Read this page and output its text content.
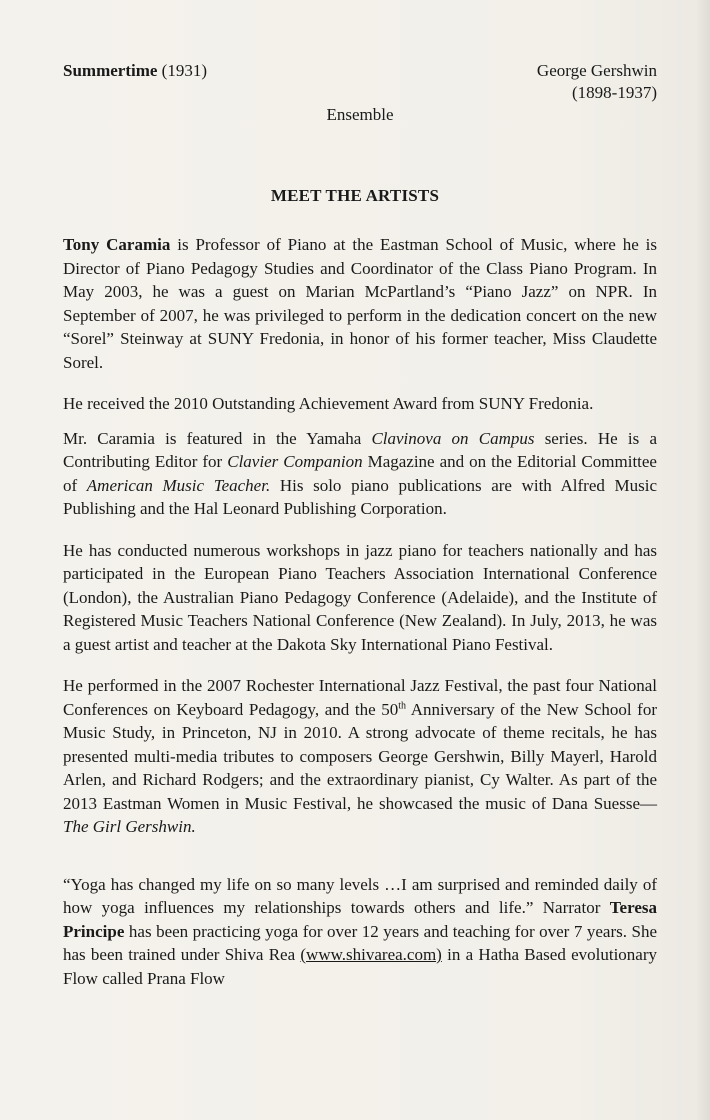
Summertime (1931)	George Gershwin
(1898-1937)
Ensemble
MEET THE ARTISTS

Tony Caramia is Professor of Piano at the Eastman School of Music, where he is Director of Piano Pedagogy Studies and Coordinator of the Class Piano Program. In May 2003, he was a guest on Marian McPartland’s “Piano Jazz” on NPR. In September of 2007, he was privileged to perform in the dedication concert on the new “Sorel” Steinway at SUNY Fredonia, in honor of his former teacher, Miss Claudette Sorel.

He received the 2010 Outstanding Achievement Award from SUNY Fredonia.

Mr. Caramia is featured in the Yamaha Clavinova on Campus series. He is a Contributing Editor for Clavier Companion Magazine and on the Editorial Committee of American Music Teacher. His solo piano publications are with Alfred Music Publishing and the Hal Leonard Publishing Corporation.

He has conducted numerous workshops in jazz piano for teachers nationally and has participated in the European Piano Teachers Association International Conference (London), the Australian Piano Pedagogy Conference (Adelaide), and the Institute of Registered Music Teachers National Conference (New Zealand). In July, 2013, he was a guest artist and teacher at the Dakota Sky International Piano Festival.

He performed in the 2007 Rochester International Jazz Festival, the past four National Conferences on Keyboard Pedagogy, and the 50th Anniversary of the New School for Music Study, in Princeton, NJ in 2010. A strong advocate of theme recitals, he has presented multi-media tributes to composers George Gershwin, Billy Mayerl, Harold Arlen, and Richard Rodgers; and the extraordinary pianist, Cy Walter. As part of the 2013 Eastman Women in Music Festival, he showcased the music of Dana Suesse—The Girl Gershwin.

“Yoga has changed my life on so many levels …I am surprised and reminded daily of how yoga influences my relationships towards others and life.” Narrator Teresa Principe has been practicing yoga for over 12 years and teaching for over 7 years. She has been trained under Shiva Rea (www.shivarea.com) in a Hatha Based evolutionary Flow called Prana Flow
